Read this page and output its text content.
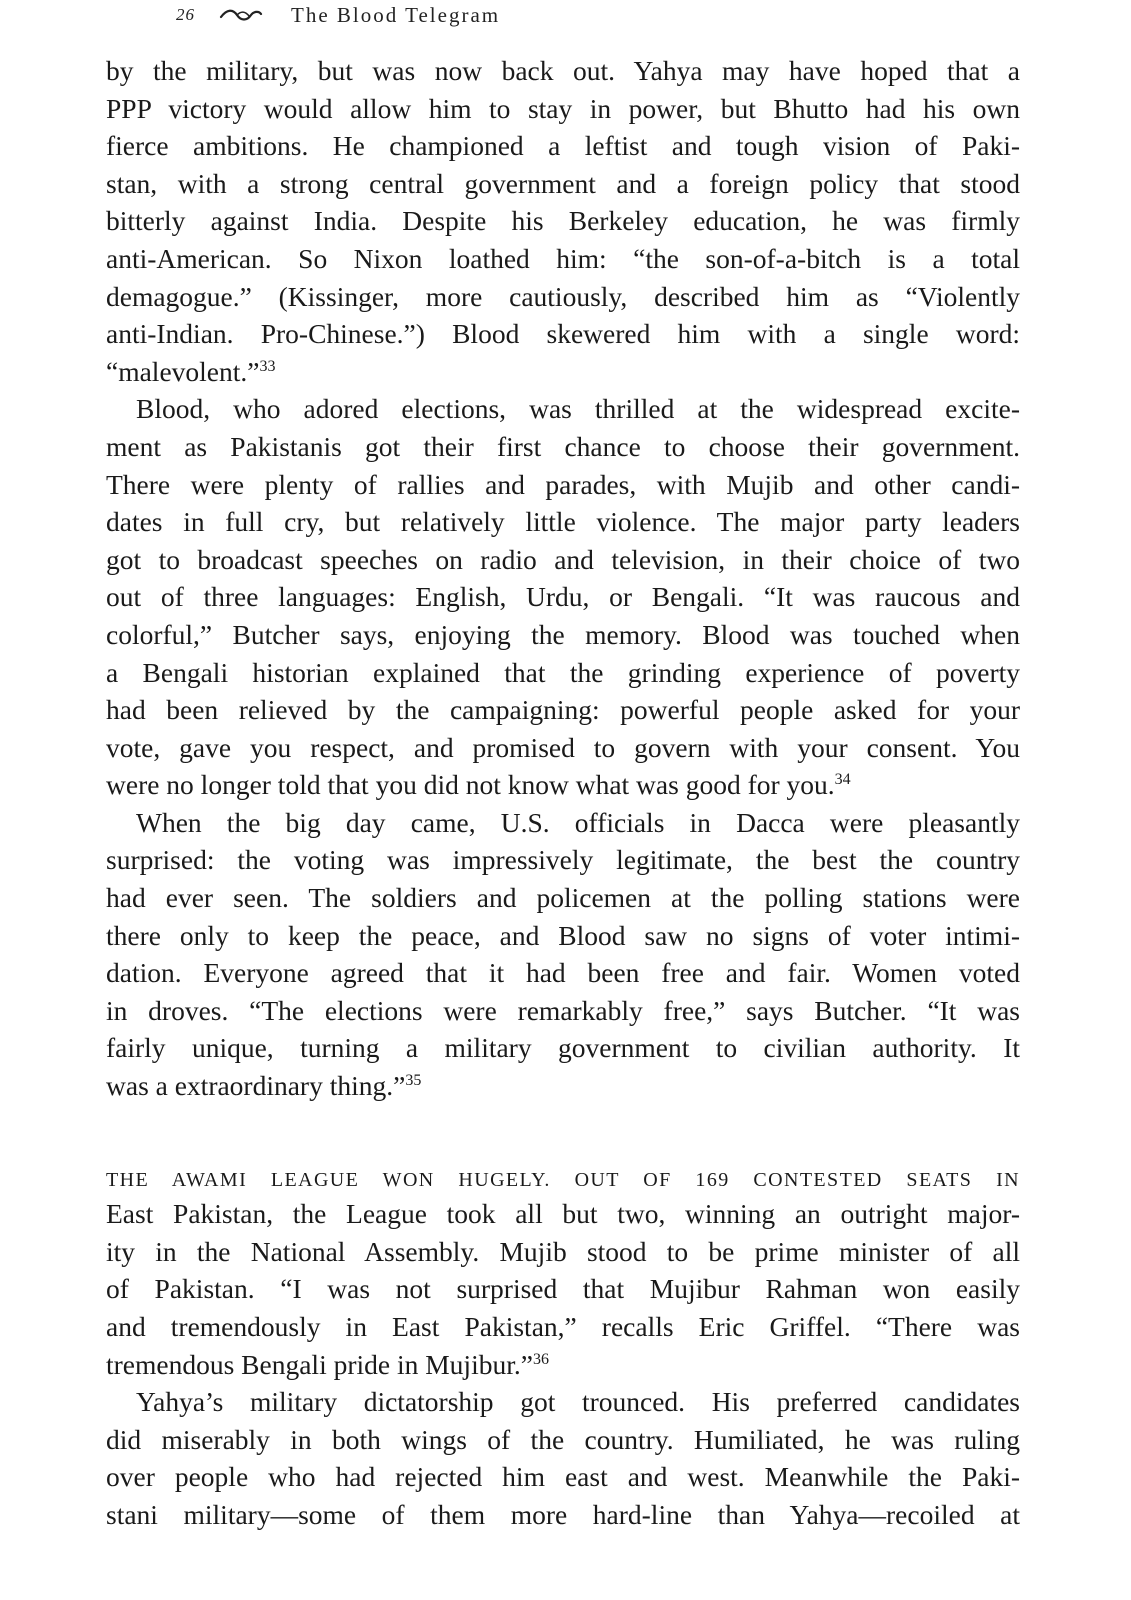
26	The Blood Telegram
by the military, but was now back out. Yahya may have hoped that a
PPP victory would allow him to stay in power, but Bhutto had his own
fierce ambitions. He championed a leftist and tough vision of Paki-
stan, with a strong central government and a foreign policy that stood
bitterly against India. Despite his Berkeley education, he was firmly
anti-American. So Nixon loathed him: “the son-of-a-bitch is a total
demagogue.” (Kissinger, more cautiously, described him as “Violently
anti-Indian. Pro-Chinese.”) Blood skewered him with a single word:
“malevolent.”$^{33}$
Blood, who adored elections, was thrilled at the widespread excite-
ment as Pakistanis got their first chance to choose their government.
There were plenty of rallies and parades, with Mujib and other candi-
dates in full cry, but relatively little violence. The major party leaders
got to broadcast speeches on radio and television, in their choice of two
out of three languages: English, Urdu, or Bengali. “It was raucous and
colorful,” Butcher says, enjoying the memory. Blood was touched when
a Bengali historian explained that the grinding experience of poverty
had been relieved by the campaigning: powerful people asked for your
vote, gave you respect, and promised to govern with your consent. You
were no longer told that you did not know what was good for you.$^{34}$
When the big day came, U.S. officials in Dacca were pleasantly
surprised: the voting was impressively legitimate, the best the country
had ever seen. The soldiers and policemen at the polling stations were
there only to keep the peace, and Blood saw no signs of voter intimi-
dation. Everyone agreed that it had been free and fair. Women voted
in droves. “The elections were remarkably free,” says Butcher. “It was
fairly unique, turning a military government to civilian authority. It
was a extraordinary thing.”$^{35}$
THE AWAMI LEAGUE WON HUGELY. OUT OF 169 CONTESTED SEATS IN
East Pakistan, the League took all but two, winning an outright major-
ity in the National Assembly. Mujib stood to be prime minister of all
of Pakistan. “I was not surprised that Mujibur Rahman won easily
and tremendously in East Pakistan,” recalls Eric Griffel. “There was
tremendous Bengali pride in Mujibur.”$^{36}$
Yahya’s military dictatorship got trounced. His preferred candidates
did miserably in both wings of the country. Humiliated, he was ruling
over people who had rejected him east and west. Meanwhile the Paki-
stani military—some of them more hard-line than Yahya—recoiled at
